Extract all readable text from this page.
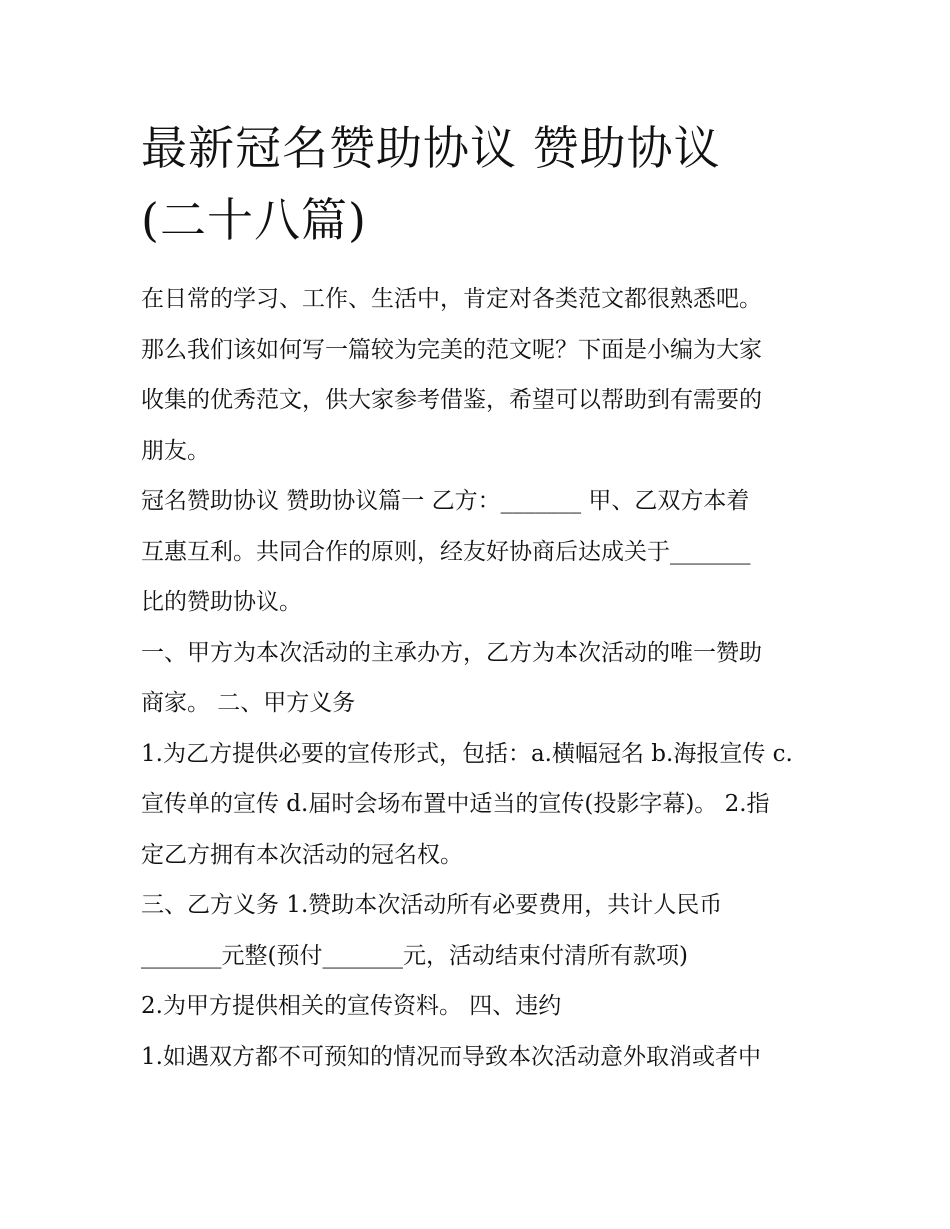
最新冠名赞助协议 赞助协议
(二十八篇)
在日常的学习、工作、生活中，肯定对各类范文都很熟悉吧。
那么我们该如何写一篇较为完美的范文呢？下面是小编为大家
收集的优秀范文，供大家参考借鉴，希望可以帮助到有需要的
朋友。
冠名赞助协议 赞助协议篇一 乙方：_______ 甲、乙双方本着
互惠互利。共同合作的原则，经友好协商后达成关于_______
比的赞助协议。
一、甲方为本次活动的主承办方，乙方为本次活动的唯一赞助
商家。 二、甲方义务
1.为乙方提供必要的宣传形式，包括：a.横幅冠名 b.海报宣传 c.
宣传单的宣传 d.届时会场布置中适当的宣传(投影字幕)。 2.指
定乙方拥有本次活动的冠名权。
三、乙方义务 1.赞助本次活动所有必要费用，共计人民币
_______元整(预付_______元，活动结束付清所有款项)
2.为甲方提供相关的宣传资料。 四、违约
1.如遇双方都不可预知的情况而导致本次活动意外取消或者中
